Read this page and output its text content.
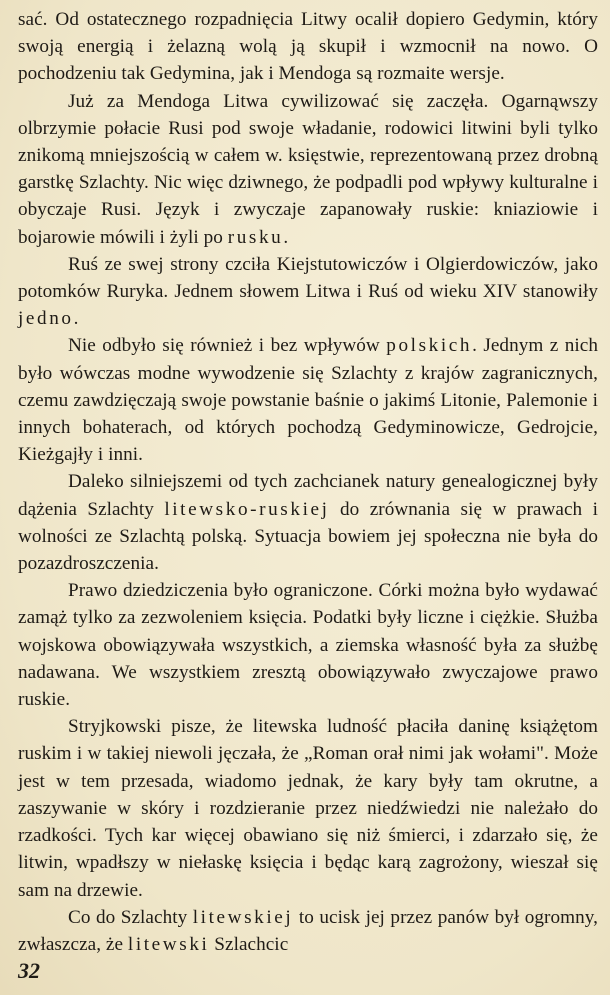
sać. Od ostatecznego rozpadnięcia Litwy ocalił dopiero Gedymin, który swoją energią i żelazną wolą ją skupił i wzmocnił na nowo. O pochodzeniu tak Gedymina, jak i Mendoga są rozmaite wersje.

Już za Mendoga Litwa cywilizować się zaczęła. Ogarnąwszy olbrzymie połacie Rusi pod swoje władanie, rodowici litwini byli tylko znikomą mniejszością w całem w. księstwie, reprezentowaną przez drobną garstkę Szlachty. Nic więc dziwnego, że podpadli pod wpływy kulturalne i obyczaje Rusi. Język i zwyczaje zapanowały ruskie: kniaziowie i bojarowie mówili i żyli po rusku.

Ruś ze swej strony czciła Kiejstutowiczów i Olgierdowiczów, jako potomków Ruryka. Jednem słowem Litwa i Ruś od wieku XIV stanowiły jedno.

Nie odbyło się również i bez wpływów polskich. Jednym z nich było wówczas modne wywodzenie się Szlachty z krajów zagranicznych, czemu zawdzięczają swoje powstanie baśnie o jakimś Litonie, Palemonie i innych bohaterach, od których pochodzą Gedyminowicze, Gedrojcie, Kieżgajły i inni.

Daleko silniejszemi od tych zachcianek natury genealogicznej były dążenia Szlachty litewsko-ruskiej do zrównania się w prawach i wolności ze Szlachtą polską. Sytuacja bowiem jej społeczna nie była do pozazdroszczenia.

Prawo dziedziczenia było ograniczone. Córki można było wydawać zamąż tylko za zezwoleniem księcia. Podatki były liczne i ciężkie. Służba wojskowa obowiązywała wszystkich, a ziemska własność była za służbę nadawana. We wszystkiem zresztą obowiązywało zwyczajowe prawo ruskie.

Stryjkowski pisze, że litewska ludność płaciła daninę książętom ruskim i w takiej niewoli jęczała, że „Roman orał nimi jak wołami". Może jest w tem przesada, wiadomo jednak, że kary były tam okrutne, a zaszywanie w skóry i rozdzieranie przez niedźwiedzi nie należało do rzadkości. Tych kar więcej obawiano się niż śmierci, i zdarzało się, że litwin, wpadłszy w niełaskę księcia i będąc karą zagrożony, wieszał się sam na drzewie.

Co do Szlachty litewskiej to ucisk jej przez panów był ogromny, zwłaszcza, że litewski Szlachcic

32
